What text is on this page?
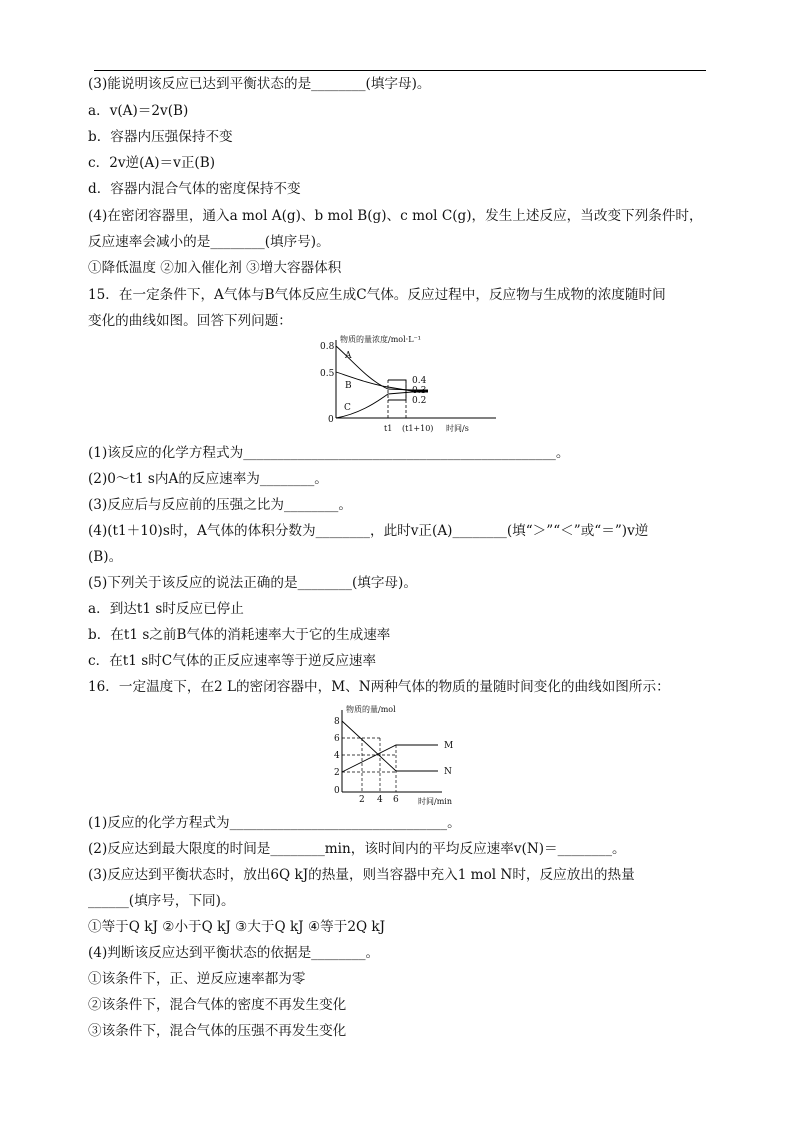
(3)能说明该反应已达到平衡状态的是________(填字母)。
a．v(A)＝2v(B)
b．容器内压强保持不变
c．2v逆(A)＝v正(B)
d．容器内混合气体的密度保持不变
(4)在密闭容器里，通入a mol A(g)、b mol B(g)、c mol C(g)，发生上述反应，当改变下列条件时，
反应速率会减小的是________(填序号)。
①降低温度 ②加入催化剂 ③增大容器体积
15．在一定条件下，A气体与B气体反应生成C气体。反应过程中，反应物与生成物的浓度随时间
变化的曲线如图。回答下列问题：
物质的量浓度/mol·L⁻¹
0.8
0.5
0
A
B
C
0.4
0.3
0.2
t1 (t1+10) 时间/s
(1)该反应的化学方程式为______________________________________________。
(2)0～t1 s内A的反应速率为________。
(3)反应后与反应前的压强之比为________。
(4)(t1＋10)s时，A气体的体积分数为________，此时v正(A)________(填“＞”“＜”或“＝”)v逆
(B)。
(5)下列关于该反应的说法正确的是________(填字母)。
a．到达t1 s时反应已停止
b．在t1 s之前B气体的消耗速率大于它的生成速率
c．在t1 s时C气体的正反应速率等于逆反应速率
16．一定温度下，在2 L的密闭容器中，M、N两种气体的物质的量随时间变化的曲线如图所示：
物质的量/mol
8
6
4
2
0
M
N
2 4 6 时间/min
(1)反应的化学方程式为________________________________。
(2)反应达到最大限度的时间是________min，该时间内的平均反应速率v(N)＝________。
(3)反应达到平衡状态时，放出6Q kJ的热量，则当容器中充入1 mol N时，反应放出的热量
______(填序号，下同)。
①等于Q kJ ②小于Q kJ ③大于Q kJ ④等于2Q kJ
(4)判断该反应达到平衡状态的依据是________。
①该条件下，正、逆反应速率都为零
②该条件下，混合气体的密度不再发生变化
③该条件下，混合气体的压强不再发生变化
